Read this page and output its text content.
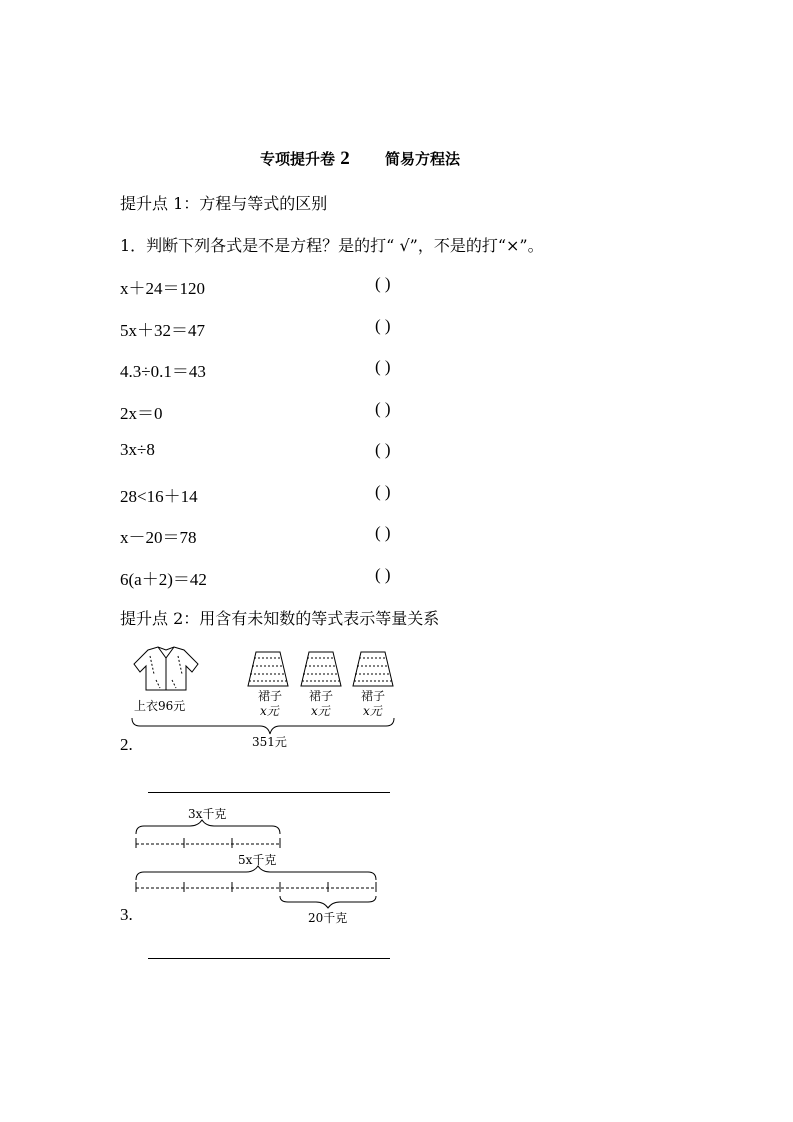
专项提升卷 2 简易方程法
提升点 1：方程与等式的区别
1．判断下列各式是不是方程？是的打“ √”，不是的打“×”。
x＋24＝120	( )
5x＋32＝47	( )
4.3÷0.1＝43	( )
2x＝0	( )
3x÷8	( )
28<16＋14	( )
x－20＝78	( )
6(a＋2)＝42	( )
提升点 2：用含有未知数的等式表示等量关系
上衣96元
裙子
x元
裙子
x元
裙子
x元
351元
2.
3x千克
5x千克
20千克
3.
